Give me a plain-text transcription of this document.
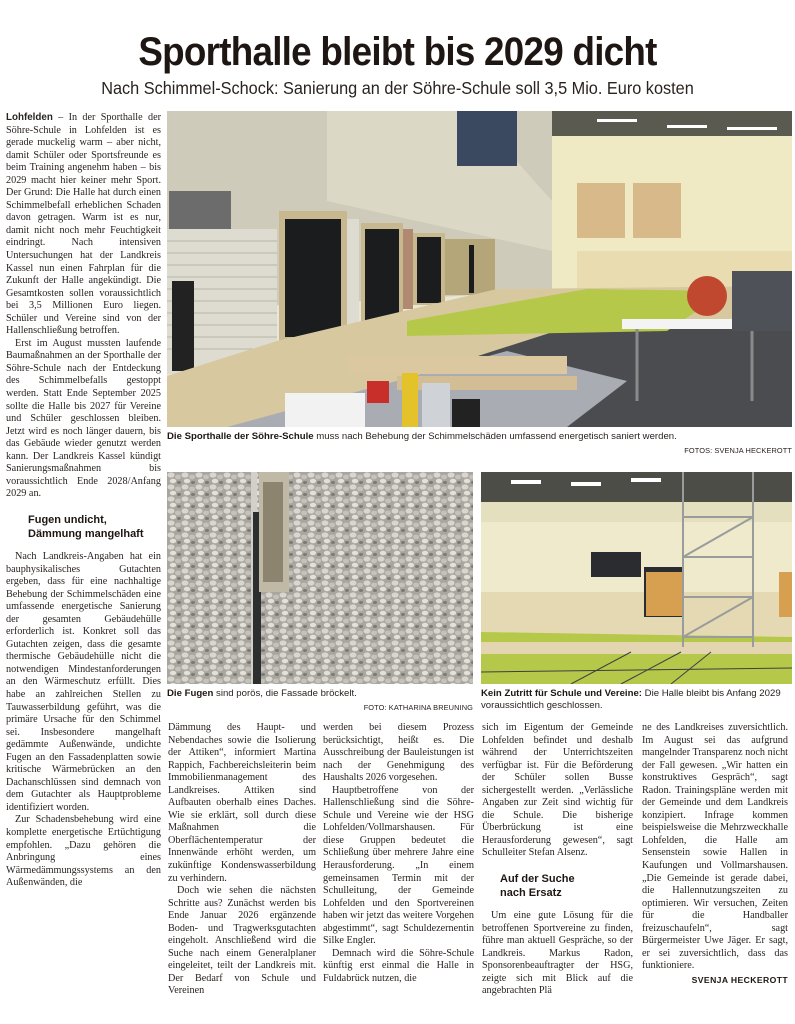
Sporthalle bleibt bis 2029 dicht
Nach Schimmel-Schock: Sanierung an der Söhre-Schule soll 3,5 Mio. Euro kosten

Lohfelden – In der Sporthalle der Söhre-Schule in Lohfelden ist es gerade muckelig warm – aber nicht, damit Schüler oder Sportsfreunde es beim Training angenehm haben – bis 2029 macht hier keiner mehr Sport. Der Grund: Die Halle hat durch einen Schimmelbefall erheblichen Schaden davon getragen. Warm ist es nur, damit nicht noch mehr Feuchtigkeit eindringt. Nach intensiven Untersuchungen hat der Landkreis Kassel nun einen Fahrplan für die Zukunft der Halle angekündigt. Die Gesamtkosten sollen voraussichtlich bei 3,5 Millionen Euro liegen. Schüler und Vereine sind von der Hallenschließung betroffen.

Erst im August mussten laufende Baumaßnahmen an der Sporthalle der Söhre-Schule nach der Entdeckung des Schimmelbefalls gestoppt werden. Statt Ende September 2025 sollte die Halle bis 2027 für Vereine und Schüler geschlossen bleiben. Jetzt wird es noch länger dauern, bis das Gebäude wieder genutzt werden kann. Der Landkreis Kassel kündigt Sanierungsmaßnahmen bis voraussichtlich Ende 2028/Anfang 2029 an.

Fugen undicht,
Dämmung mangelhaft

Nach Landkreis-Angaben hat ein bauphysikalisches Gutachten ergeben, dass für eine nachhaltige Behebung der Schimmelschäden eine umfassende energetische Sanierung der gesamten Gebäudehülle erforderlich ist. Konkret soll das Gutachten zeigen, dass die gesamte thermische Gebäudehülle nicht die notwendigen Mindestanforderungen an den Wärmeschutz erfüllt. Dies habe an zahlreichen Stellen zu Tauwasserbildung geführt, was die primäre Ursache für den Schimmel sei. Insbesondere mangelhaft gedämmte Außenwände, undichte Fugen an den Fassadenplatten sowie kritische Wärmebrücken an den Dachanschlüssen sind demnach von dem Gutachter als Hauptprobleme identifiziert worden.

Zur Schadensbehebung wird eine komplette energetische Ertüchtigung empfohlen. „Dazu gehören die Anbringung eines Wärmedämmungssystems an den Außenwänden, die

Die Sporthalle der Söhre-Schule muss nach Behebung der Schimmelschäden umfassend energetisch saniert werden.
FOTOS: SVENJA HECKEROTT
Die Fugen sind porös, die Fassade bröckelt.
FOTO: KATHARINA BREUNING
Kein Zutritt für Schule und Vereine: Die Halle bleibt bis Anfang 2029 voraussichtlich geschlossen.

Dämmung des Haupt- und Nebendaches sowie die Isolierung der Attiken“, informiert Martina Rappich, Fachbereichsleiterin beim Immobilienmanagement des Landkreises. Attiken sind Aufbauten oberhalb eines Daches. Wie sie erklärt, soll durch diese Maßnahmen die Oberflächentemperatur der Innenwände erhöht werden, um zukünftige Kondenswasserbildung zu verhindern.

Doch wie sehen die nächsten Schritte aus? Zunächst werden bis Ende Januar 2026 ergänzende Boden- und Tragwerksgutachten eingeholt. Anschließend wird die Suche nach einem Generalplaner eingeleitet, teilt der Landkreis mit. Der Bedarf von Schule und Vereinen

werden bei diesem Prozess berücksichtigt, heißt es. Die Ausschreibung der Bauleistungen ist nach der Genehmigung des Haushalts 2026 vorgesehen.

Hauptbetroffene von der Hallenschließung sind die Söhre-Schule und Vereine wie der HSG Lohfelden/Vollmarshausen. Für diese Gruppen bedeutet die Schließung über mehrere Jahre eine Herausforderung. „In einem gemeinsamen Termin mit der Schulleitung, der Gemeinde Lohfelden und den Sportvereinen haben wir jetzt das weitere Vorgehen abgestimmt“, sagt Schuldezernentin Silke Engler.

Demnach wird die Söhre-Schule künftig erst einmal die Halle in Fuldabrück nutzen, die

sich im Eigentum der Gemeinde Lohfelden befindet und deshalb während der Unterrichtszeiten verfügbar ist. Für die Beförderung der Schüler sollen Busse sichergestellt werden. „Verlässliche Angaben zur Zeit sind wichtig für die Schule. Die bisherige Überbrückung ist eine Herausforderung gewesen“, sagt Schulleiter Stefan Alsenz.

Auf der Suche
nach Ersatz

Um eine gute Lösung für die betroffenen Sportvereine zu finden, führe man aktuell Gespräche, so der Landkreis. Markus Radon, Sponsorenbeauftragter der HSG, zeigte sich mit Blick auf die angebrachten Plä

ne des Landkreises zuversichtlich. Im August sei das aufgrund mangelnder Transparenz noch nicht der Fall gewesen. „Wir hatten ein konstruktives Gespräch“, sagt Radon. Trainingspläne werden mit der Gemeinde und dem Landkreis konzipiert. Infrage kommen beispielsweise die Mehrzweckhalle Lohfelden, die Halle am Sensenstein sowie Hallen in Kaufungen und Vollmarshausen. „Die Gemeinde ist gerade dabei, die Hallennutzungszeiten zu optimieren. Wir versuchen, Zeiten für die Handballer freizuschaufeln“, sagt Bürgermeister Uwe Jäger. Er sagt, er sei zuversichtlich, dass das funktioniere.

SVENJA HECKEROTT
